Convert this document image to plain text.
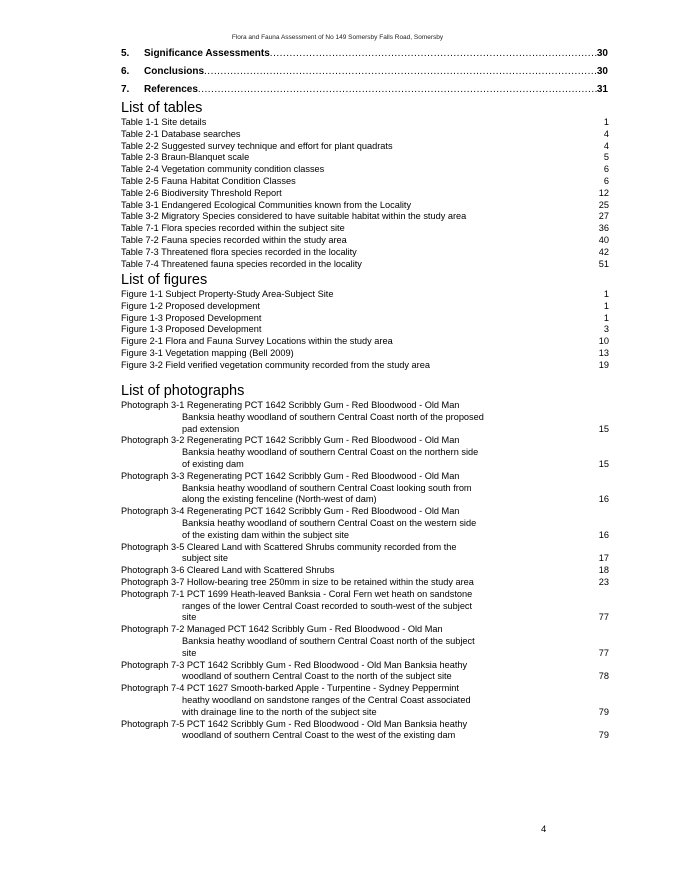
Flora and Fauna Assessment of No 149 Somersby Falls Road, Somersby
5.	Significance Assessments .....	30
6.	Conclusions .....	30
7.	References .....	31
List of tables
Table 1-1 Site details	1
Table 2-1 Database searches	4
Table 2-2 Suggested survey technique and effort for plant quadrats	4
Table 2-3 Braun-Blanquet scale	5
Table 2-4 Vegetation community condition classes	6
Table 2-5 Fauna Habitat Condition Classes	6
Table 2-6 Biodiversity Threshold Report	12
Table 3-1 Endangered Ecological Communities known from the Locality	25
Table 3-2 Migratory Species considered to have suitable habitat within the study area	27
Table 7-1 Flora species recorded within the subject site	36
Table 7-2 Fauna species recorded within the study area	40
Table 7-3 Threatened flora species recorded in the locality	42
Table 7-4 Threatened fauna species recorded in the locality	51
List of figures
Figure 1-1 Subject Property-Study Area-Subject Site	1
Figure 1-2 Proposed development	1
Figure 1-3 Proposed Development	1
Figure 1-3 Proposed Development	3
Figure 2-1 Flora and Fauna Survey Locations within the study area	10
Figure 3-1 Vegetation mapping (Bell 2009)	13
Figure 3-2 Field verified vegetation community recorded from the study area	19
List of photographs
Photograph 3-1 Regenerating PCT 1642 Scribbly Gum - Red Bloodwood - Old Man
Banksia heathy woodland of southern Central Coast north of the proposed
pad extension	15
Photograph 3-2 Regenerating PCT 1642 Scribbly Gum - Red Bloodwood - Old Man
Banksia heathy woodland of southern Central Coast on the northern side
of existing dam	15
Photograph 3-3 Regenerating PCT 1642 Scribbly Gum - Red Bloodwood - Old Man
Banksia heathy woodland of southern Central Coast looking south from
along the existing fenceline (North-west of dam)	16
Photograph 3-4 Regenerating PCT 1642 Scribbly Gum - Red Bloodwood - Old Man
Banksia heathy woodland of southern Central Coast on the western side
of the existing dam within the subject site	16
Photograph 3-5 Cleared Land with Scattered Shrubs community recorded from the
subject site	17
Photograph 3-6 Cleared Land with Scattered Shrubs	18
Photograph 3-7 Hollow-bearing tree 250mm in size to be retained within the study area	23
Photograph 7-1 PCT 1699 Heath-leaved Banksia - Coral Fern wet heath on sandstone
ranges of the lower Central Coast recorded to south-west of the subject
site	77
Photograph 7-2 Managed PCT 1642 Scribbly Gum - Red Bloodwood - Old Man
Banksia heathy woodland of southern Central Coast north of the subject
site	77
Photograph 7-3 PCT 1642 Scribbly Gum - Red Bloodwood - Old Man Banksia heathy
woodland of southern Central Coast to the north of the subject site	78
Photograph 7-4 PCT 1627 Smooth-barked Apple - Turpentine - Sydney Peppermint
heathy woodland on sandstone ranges of the Central Coast associated
with drainage line to the north of the subject site	79
Photograph 7-5 PCT 1642 Scribbly Gum - Red Bloodwood - Old Man Banksia heathy
woodland of southern Central Coast to the west of the existing dam	79
4
